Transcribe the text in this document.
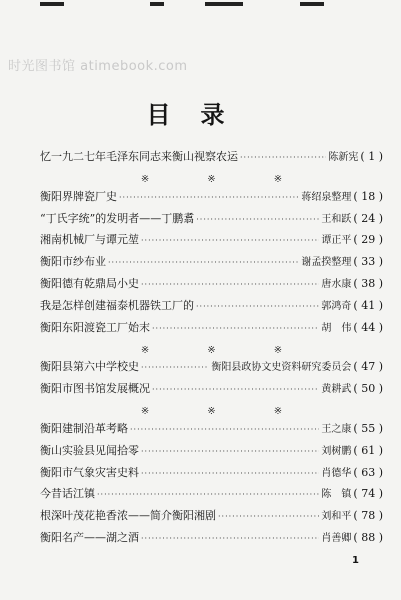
时光图书馆 atimebook.com
目录
忆一九二七年毛泽东同志来衡山视察农运 ·····	陈新宪 ( 1 )
※	※	※
衡阳界牌瓷厂史 ·····	蒋绍泉整理 ( 18 )
“丁氏字统”的发明者——丁鹏翥 ·····	王和跃 ( 24 )
湘南机械厂与谭元堃 ·····	谭正平 ( 29 )
衡阳市纱布业 ·····	谢孟揆整理 ( 33 )
衡阳德有乾鼎局小史 ·····	唐水康 ( 38 )
我是怎样创建福泰机器铁工厂的 ·····	郭鸿奇 ( 41 )
衡阳东阳渡瓷工厂始末 ·····	胡　伟 ( 44 )
※	※	※
衡阳县第六中学校史 ·····	衡阳县政协文史资料研究委员会 ( 47 )
衡阳市图书馆发展概况 ·····	黄耕武 ( 50 )
※	※	※
衡阳建制沿革考略 ·····	王之康 ( 55 )
衡山实验县见闻拾零 ·····	刘树鹏 ( 61 )
衡阳市气象灾害史料 ·····	肖德华 ( 63 )
今昔话江镇 ·····	陈　镇 ( 74 )
根深叶茂花艳香浓——简介衡阳湘剧 ·····	刘和平 ( 78 )
衡阳名产——湖之酒 ·····	肖善卿 ( 88 )
1
